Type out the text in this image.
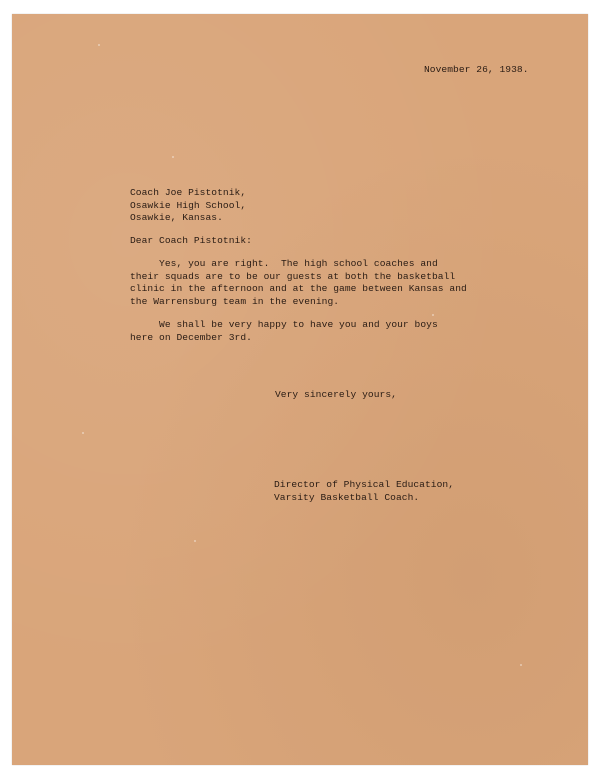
November 26, 1938.
Coach Joe Pistotnik,
Osawkie High School,
Osawkie, Kansas.
Dear Coach Pistotnik:
Yes, you are right.  The high school coaches and
their squads are to be our guests at both the basketball
clinic in the afternoon and at the game between Kansas and
the Warrensburg team in the evening.
We shall be very happy to have you and your boys
here on December 3rd.
Very sincerely yours,
Director of Physical Education,
Varsity Basketball Coach.
